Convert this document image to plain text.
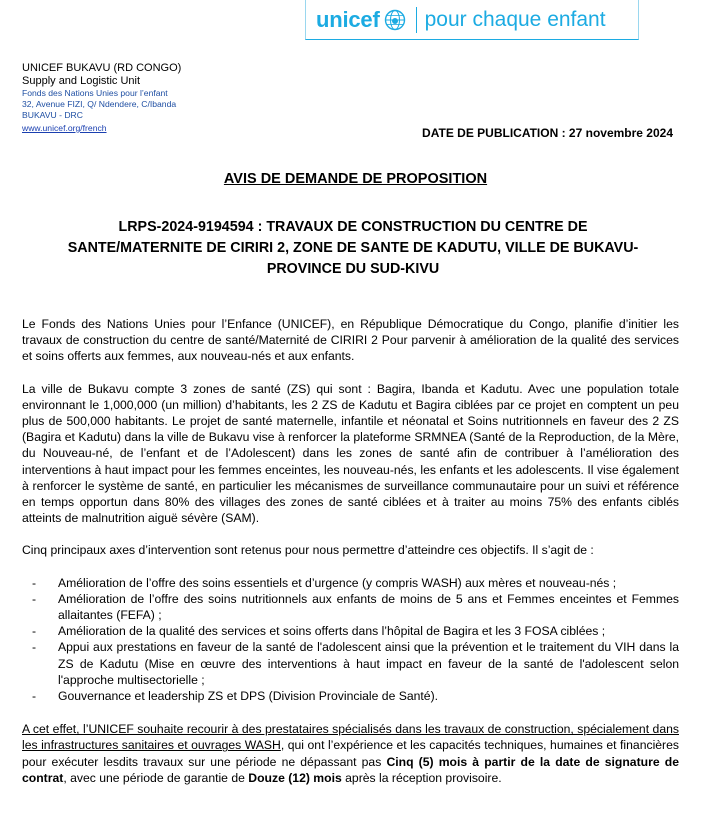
unicef pour chaque enfant
UNICEF BUKAVU (RD CONGO)
Supply and Logistic Unit
Fonds des Nations Unies pour l’enfant
32, Avenue FIZI, Q/ Ndendere, C/Ibanda
BUKAVU - DRC
www.unicef.org/french	DATE DE PUBLICATION : 27 novembre 2024
AVIS DE DEMANDE DE PROPOSITION
LRPS-2024-9194594 : TRAVAUX DE CONSTRUCTION DU CENTRE DE SANTE/MATERNITE DE CIRIRI 2, ZONE DE SANTE DE KADUTU, VILLE DE BUKAVU-PROVINCE DU SUD-KIVU

Le Fonds des Nations Unies pour l’Enfance (UNICEF), en République Démocratique du Congo, planifie d’initier les travaux de construction du centre de santé/Maternité de CIRIRI 2 Pour parvenir à amélioration de la qualité des services et soins offerts aux femmes, aux nouveau-nés et aux enfants.

La ville de Bukavu compte 3 zones de santé (ZS) qui sont : Bagira, Ibanda et Kadutu. Avec une population totale environnant le 1,000,000 (un million) d’habitants, les 2 ZS de Kadutu et Bagira ciblées par ce projet en comptent un peu plus de 500,000 habitants. Le projet de santé maternelle, infantile et néonatal et Soins nutritionnels en faveur des 2 ZS (Bagira et Kadutu) dans la ville de Bukavu vise à renforcer la plateforme SRMNEA (Santé de la Reproduction, de la Mère, du Nouveau-né, de l’enfant et de l’Adolescent) dans les zones de santé afin de contribuer à l’amélioration des interventions à haut impact pour les femmes enceintes, les nouveau-nés, les enfants et les adolescents. Il vise également à renforcer le système de santé, en particulier les mécanismes de surveillance communautaire pour un suivi et référence en temps opportun dans 80% des villages des zones de santé ciblées et à traiter au moins 75% des enfants ciblés atteints de malnutrition aiguë sévère (SAM).

Cinq principaux axes d’intervention sont retenus pour nous permettre d’atteindre ces objectifs. Il s’agit de :

- Amélioration de l’offre des soins essentiels et d’urgence (y compris WASH) aux mères et nouveau-nés ;
- Amélioration de l’offre des soins nutritionnels aux enfants de moins de 5 ans et Femmes enceintes et Femmes allaitantes (FEFA) ;
- Amélioration de la qualité des services et soins offerts dans l’hôpital de Bagira et les 3 FOSA ciblées ;
- Appui aux prestations en faveur de la santé de l'adolescent ainsi que la prévention et le traitement du VIH dans la ZS de Kadutu (Mise en œuvre des interventions à haut impact en faveur de la santé de l'adolescent selon l'approche multisectorielle ;
- Gouvernance et leadership ZS et DPS (Division Provinciale de Santé).

A cet effet, l’UNICEF souhaite recourir à des prestataires spécialisés dans les travaux de construction, spécialement dans les infrastructures sanitaires et ouvrages WASH, qui ont l’expérience et les capacités techniques, humaines et financières pour exécuter lesdits travaux sur une période ne dépassant pas Cinq (5) mois à partir de la date de signature de contrat, avec une période de garantie de Douze (12) mois après la réception provisoire.
